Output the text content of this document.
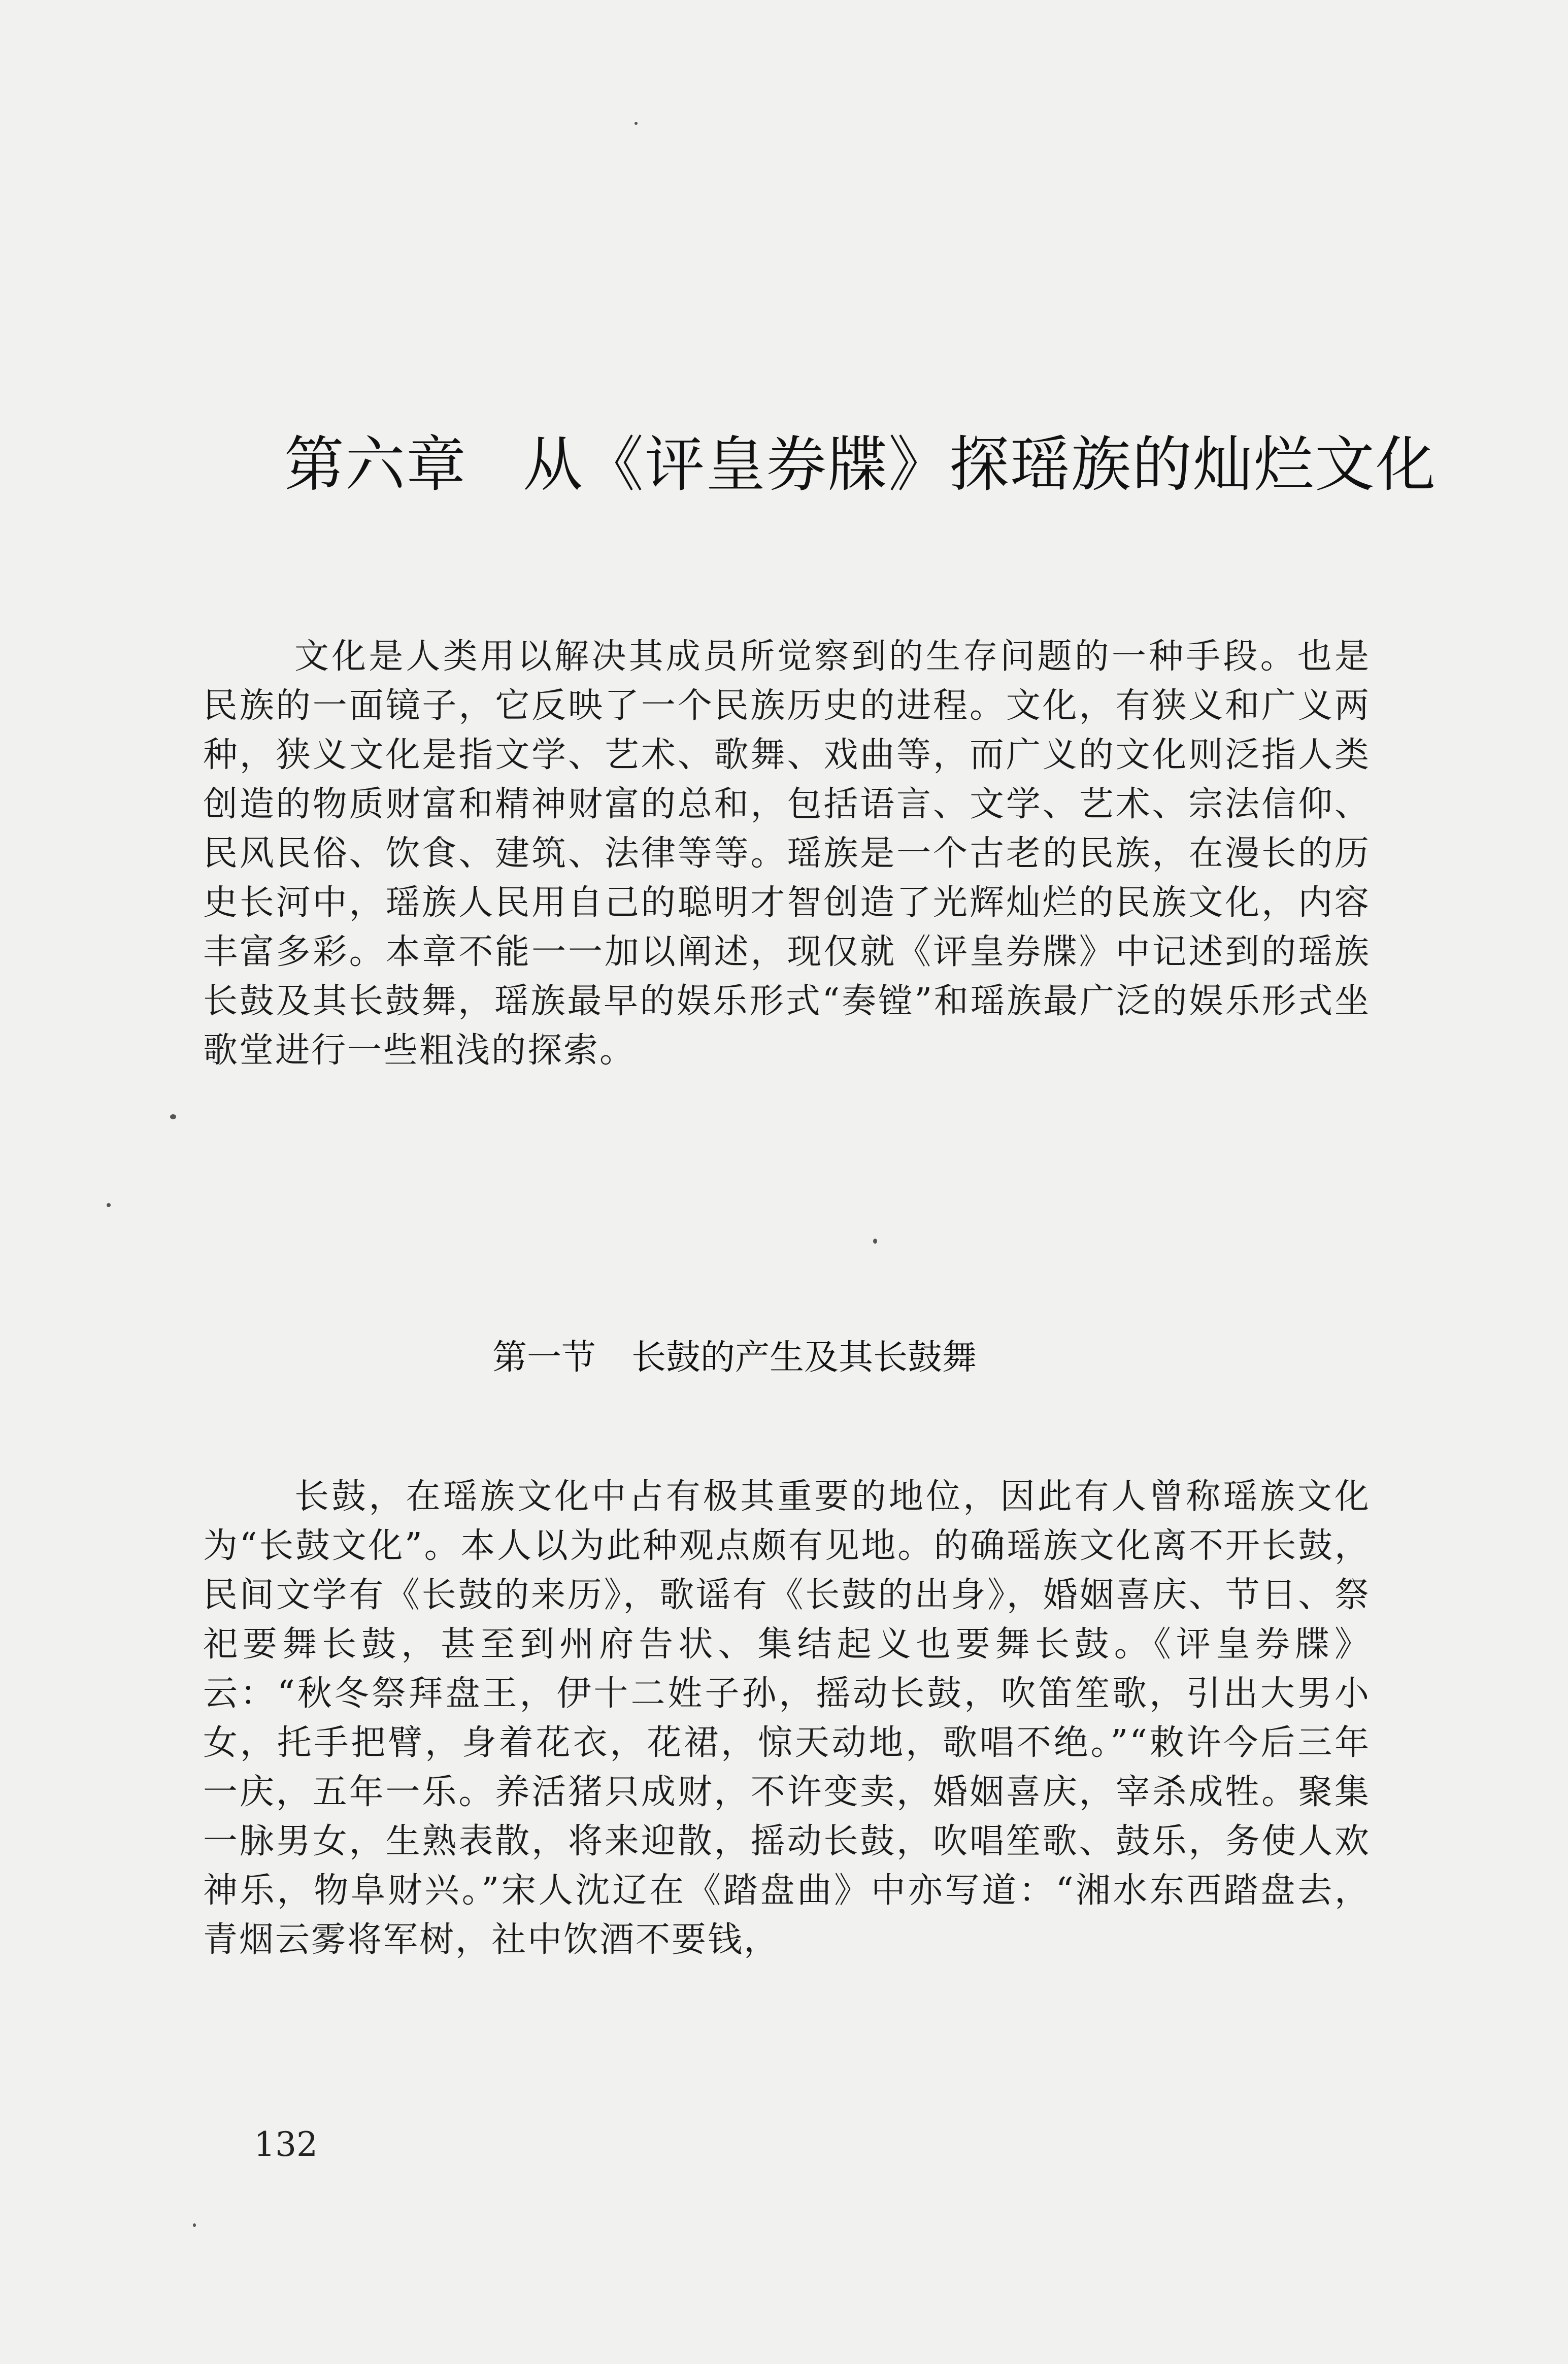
第六章 从《评皇券牒》探瑶族的灿烂文化

文化是人类用以解决其成员所觉察到的生存问题的一种手段。也是民族的一面镜子，它反映了一个民族历史的进程。文化，有狭义和广义两种，狭义文化是指文学、艺术、歌舞、戏曲等，而广义的文化则泛指人类创造的物质财富和精神财富的总和，包括语言、文学、艺术、宗法信仰、民风民俗、饮食、建筑、法律等等。瑶族是一个古老的民族，在漫长的历史长河中，瑶族人民用自己的聪明才智创造了光辉灿烂的民族文化，内容丰富多彩。本章不能一一加以阐述，现仅就《评皇券牒》中记述到的瑶族长鼓及其长鼓舞，瑶族最早的娱乐形式“奏镗”和瑶族最广泛的娱乐形式坐歌堂进行一些粗浅的探索。

第一节 长鼓的产生及其长鼓舞

长鼓，在瑶族文化中占有极其重要的地位，因此有人曾称瑶族文化为“长鼓文化”。本人以为此种观点颇有见地。的确瑶族文化离不开长鼓，民间文学有《长鼓的来历》，歌谣有《长鼓的出身》，婚姻喜庆、节日、祭祀要舞长鼓，甚至到州府告状、集结起义也要舞长鼓。《评皇券牒》云：“秋冬祭拜盘王，伊十二姓子孙，摇动长鼓，吹笛笙歌，引出大男小女，托手把臂，身着花衣，花裙，惊天动地，歌唱不绝。”“敕许今后三年一庆，五年一乐。养活猪只成财，不许变卖，婚姻喜庆，宰杀成牲。聚集一脉男女，生熟表散，将来迎散，摇动长鼓，吹唱笙歌、鼓乐，务使人欢神乐，物阜财兴。”宋人沈辽在《踏盘曲》中亦写道：“湘水东西踏盘去，青烟云雾将军树，社中饮酒不要钱，

132
